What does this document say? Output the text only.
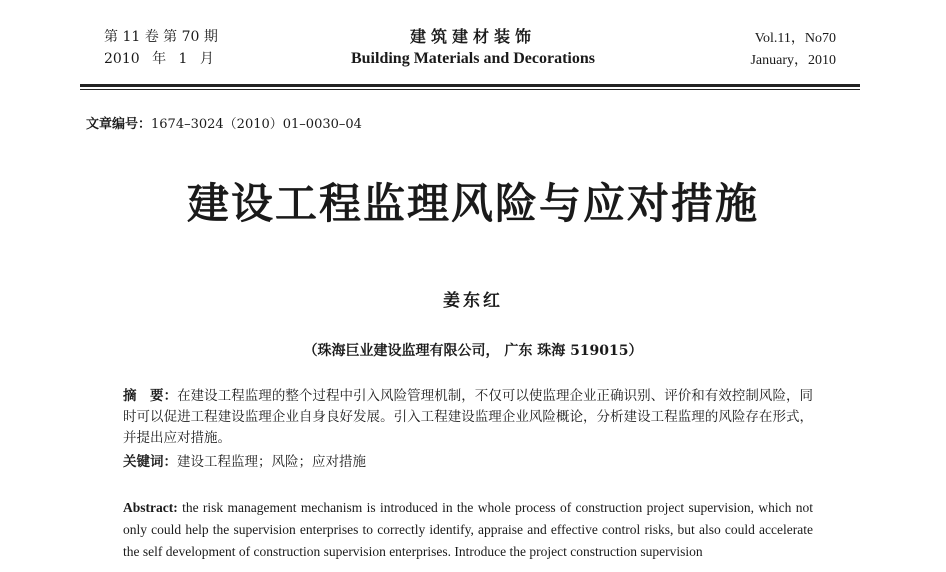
第 11 卷 第 70 期
2010 年 1 月
建筑建材装饰
Building Materials and Decorations
Vol.11，No70
January，2010
文章编号：1674–3024（2010）01–0030–04
建设工程监理风险与应对措施
姜东红
（珠海巨业建设监理有限公司， 广东 珠海 519015）
摘　要：在建设工程监理的整个过程中引入风险管理机制，不仅可以使监理企业正确识别、评价和有效控制风险，同时可以促进工程建设监理企业自身良好发展。引入工程建设监理企业风险概论，分析建设工程监理的风险存在形式，并提出应对措施。
关键词：建设工程监理；风险；应对措施
Abstract: the risk management mechanism is introduced in the whole process of construction project supervision, which not only could help the supervision enterprises to correctly identify, appraise and effective control risks, but also could accelerate the self development of construction supervision enterprises. Introduce the project construction supervision
